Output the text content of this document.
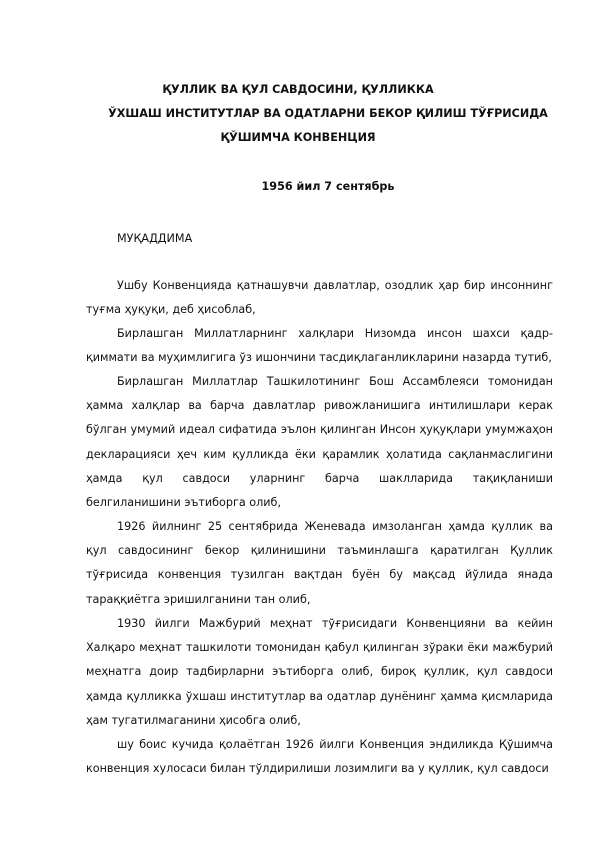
ҚУЛЛИК ВА ҚУЛ САВДОСИНИ, ҚУЛЛИККА
ЎХШАШ ИНСТИТУТЛАР ВА ОДАТЛАРНИ БЕКОР ҚИЛИШ ТЎҒРИСИДА
ҚЎШИМЧА КОНВЕНЦИЯ
1956 йил 7 сентябрь
МУҚАДДИМА
Ушбу Конвенцияда қатнашувчи давлатлар, озодлик ҳар бир инсоннинг туғма ҳуқуқи, деб ҳисоблаб,
Бирлашган Миллатларнинг халқлари Низомда инсон шахси қадр-қиммати ва муҳимлигига ўз ишончини тасдиқлаганликларини назарда тутиб,
Бирлашган Миллатлар Ташкилотининг Бош Ассамблеяси томонидан ҳамма халқлар ва барча давлатлар ривожланишига интилишлари керак бўлган умумий идеал сифатида эълон қилинган Инсон ҳуқуқлари умумжаҳон декларацияси ҳеч ким қулликда ёки қарамлик ҳолатида сақланмаслигини ҳамда қул савдоси уларнинг барча шаклларида тақиқланиши белгиланишини эътиборга олиб,
1926 йилнинг 25 сентябрида Женевада имзоланган ҳамда қуллик ва қул савдосининг бекор қилинишини таъминлашга қаратилган Қуллик тўғрисида конвенция тузилган вақтдан буён бу мақсад йўлида янада тараққиётга эришилганини тан олиб,
1930 йилги Мажбурий меҳнат тўғрисидаги Конвенцияни ва кейин Халқаро меҳнат ташкилоти томонидан қабул қилинган зўраки ёки мажбурий меҳнатга доир тадбирларни эътиборга олиб, бироқ қуллик, қул савдоси ҳамда қулликка ўхшаш институтлар ва одатлар дунёнинг ҳамма қисмларида ҳам тугатилмаганини ҳисобга олиб,
шу боис кучида қолаётган 1926 йилги Конвенция эндиликда Қўшимча конвенция хулосаси билан тўлдирилиши лозимлиги ва у қуллик, қул савдоси
